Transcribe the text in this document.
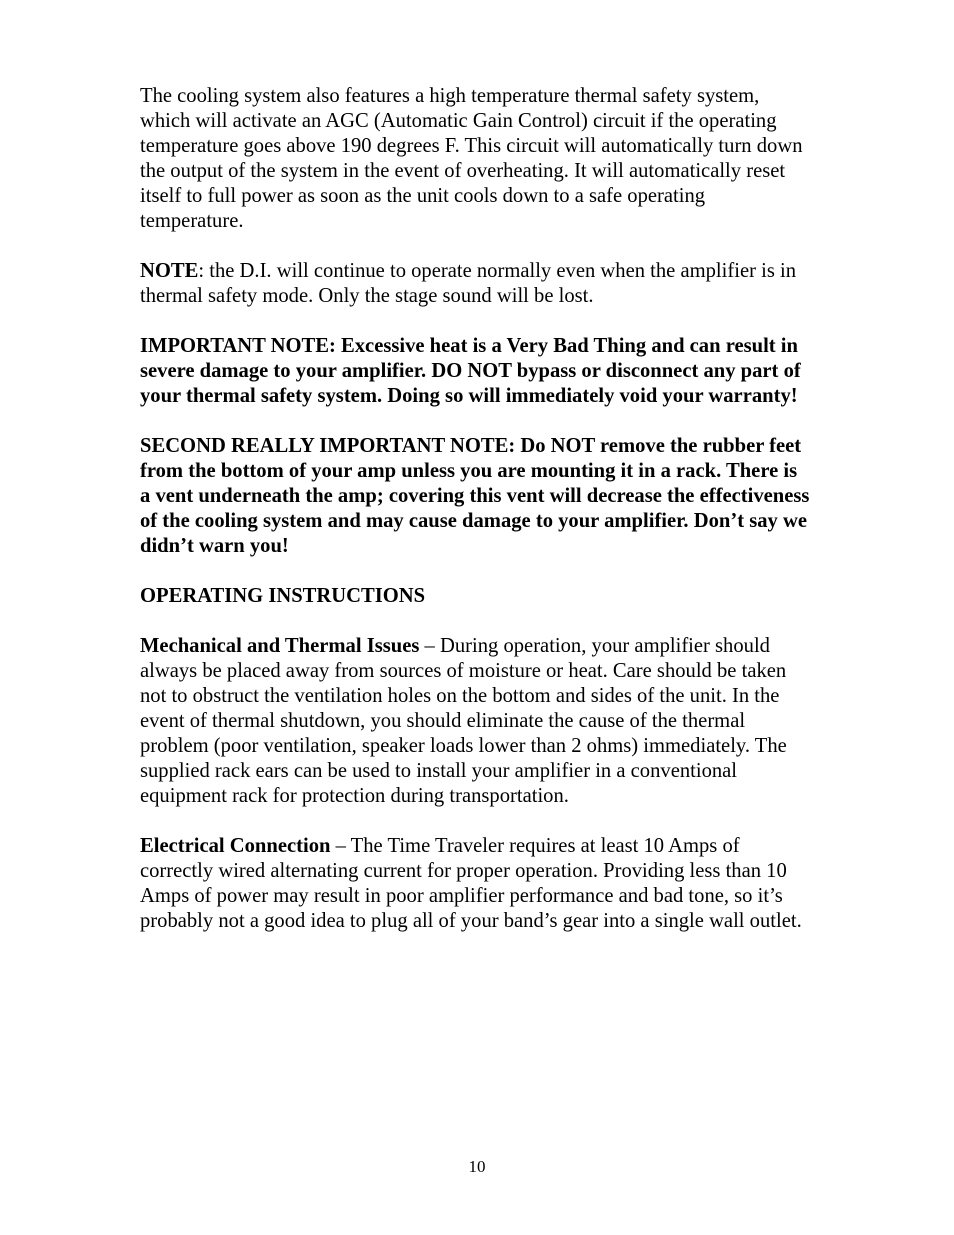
The cooling system also features a high temperature thermal safety system, which will activate an AGC (Automatic Gain Control) circuit if the operating temperature goes above 190 degrees F. This circuit will automatically turn down the output of the system in the event of overheating. It will automatically reset itself to full power as soon as the unit cools down to a safe operating temperature.

NOTE: the D.I. will continue to operate normally even when the amplifier is in thermal safety mode. Only the stage sound will be lost.

IMPORTANT NOTE: Excessive heat is a Very Bad Thing and can result in severe damage to your amplifier. DO NOT bypass or disconnect any part of your thermal safety system. Doing so will immediately void your warranty!

SECOND REALLY IMPORTANT NOTE: Do NOT remove the rubber feet from the bottom of your amp unless you are mounting it in a rack. There is a vent underneath the amp; covering this vent will decrease the effectiveness of the cooling system and may cause damage to your amplifier. Don’t say we didn’t warn you!

OPERATING INSTRUCTIONS

Mechanical and Thermal Issues – During operation, your amplifier should always be placed away from sources of moisture or heat. Care should be taken not to obstruct the ventilation holes on the bottom and sides of the unit. In the event of thermal shutdown, you should eliminate the cause of the thermal problem (poor ventilation, speaker loads lower than 2 ohms) immediately. The supplied rack ears can be used to install your amplifier in a conventional equipment rack for protection during transportation.

Electrical Connection – The Time Traveler requires at least 10 Amps of correctly wired alternating current for proper operation. Providing less than 10 Amps of power may result in poor amplifier performance and bad tone, so it’s probably not a good idea to plug all of your band’s gear into a single wall outlet.

10
